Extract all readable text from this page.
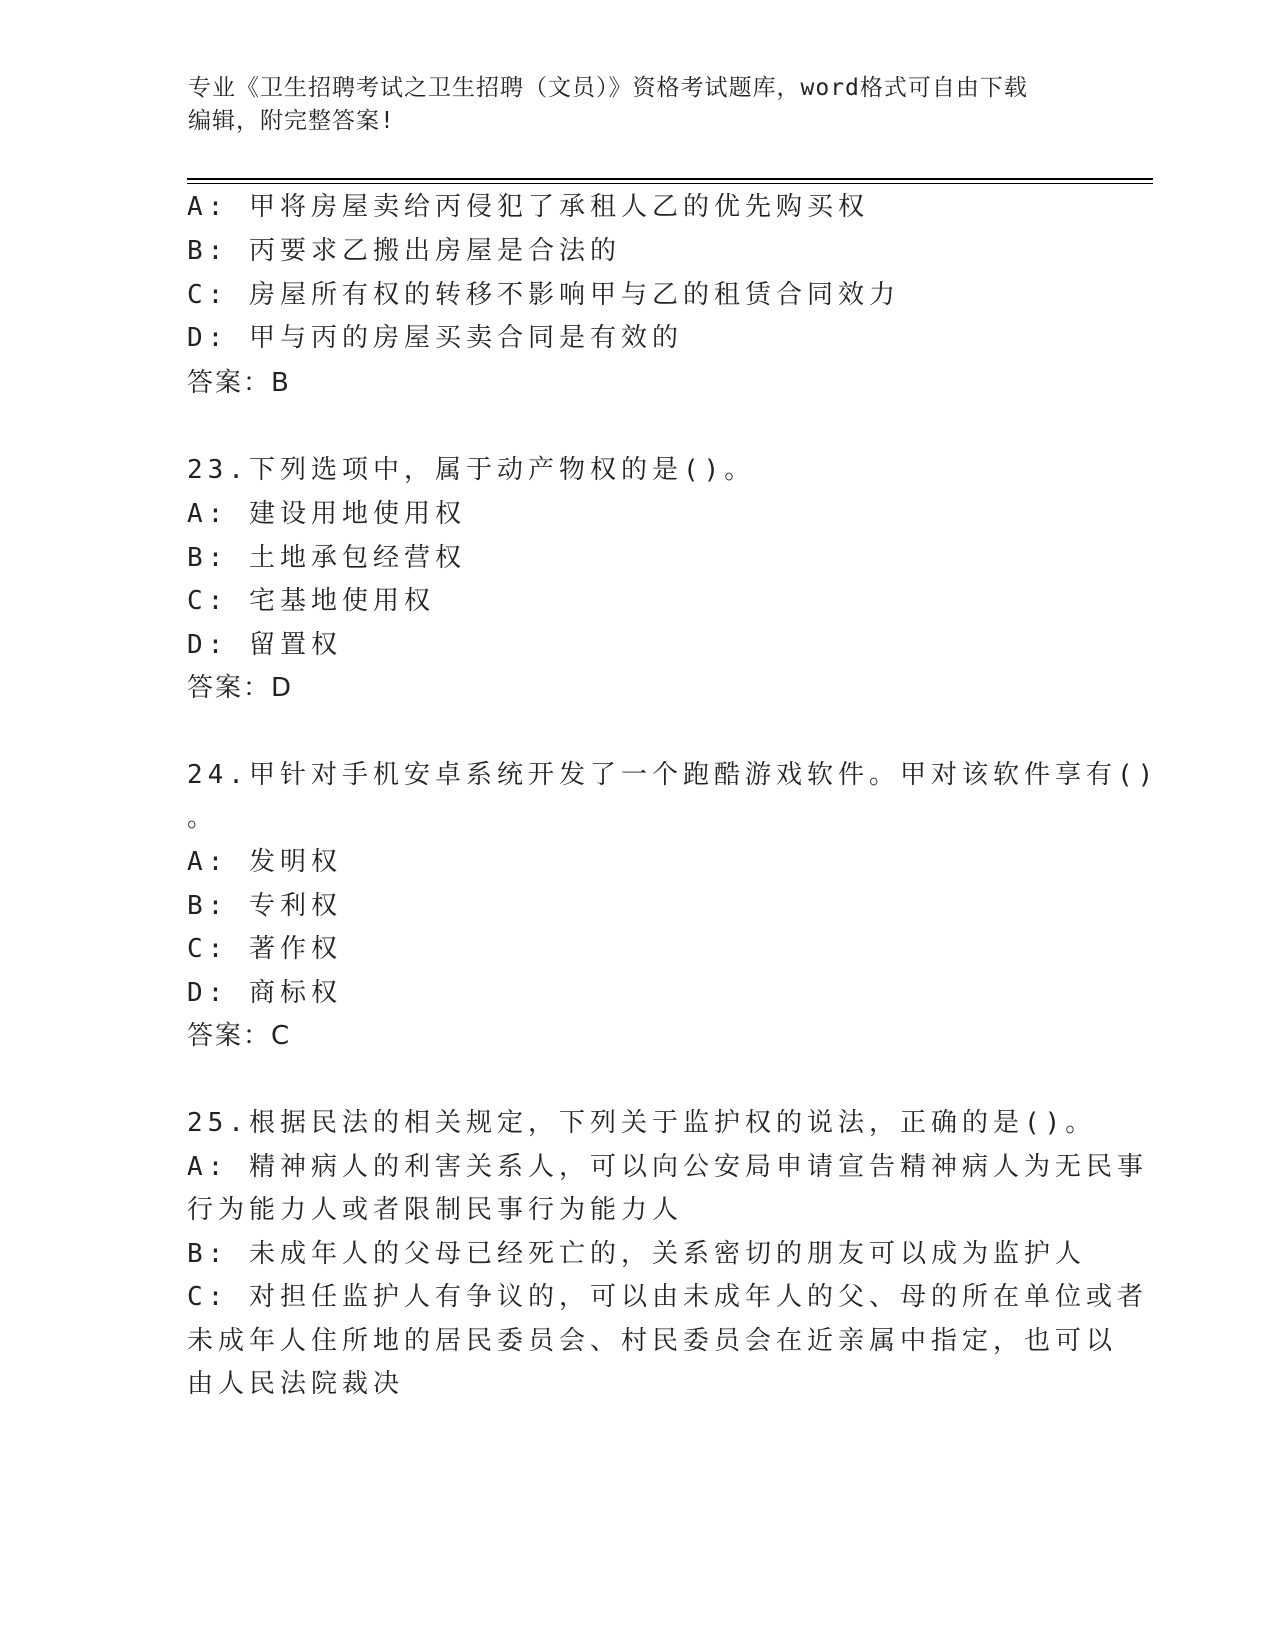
专业《卫生招聘考试之卫生招聘（文员）》资格考试题库，word格式可自由下载
编辑，附完整答案!
A: 甲将房屋卖给丙侵犯了承租人乙的优先购买权
B: 丙要求乙搬出房屋是合法的
C: 房屋所有权的转移不影响甲与乙的租赁合同效力
D: 甲与丙的房屋买卖合同是有效的
答案：B
23.下列选项中，属于动产物权的是()。
A: 建设用地使用权
B: 土地承包经营权
C: 宅基地使用权
D: 留置权
答案：D
24.甲针对手机安卓系统开发了一个跑酷游戏软件。甲对该软件享有()
。
A: 发明权
B: 专利权
C: 著作权
D: 商标权
答案：C
25.根据民法的相关规定，下列关于监护权的说法，正确的是()。
A: 精神病人的利害关系人，可以向公安局申请宣告精神病人为无民事
行为能力人或者限制民事行为能力人
B: 未成年人的父母已经死亡的，关系密切的朋友可以成为监护人
C: 对担任监护人有争议的，可以由未成年人的父、母的所在单位或者
未成年人住所地的居民委员会、村民委员会在近亲属中指定，也可以
由人民法院裁决
